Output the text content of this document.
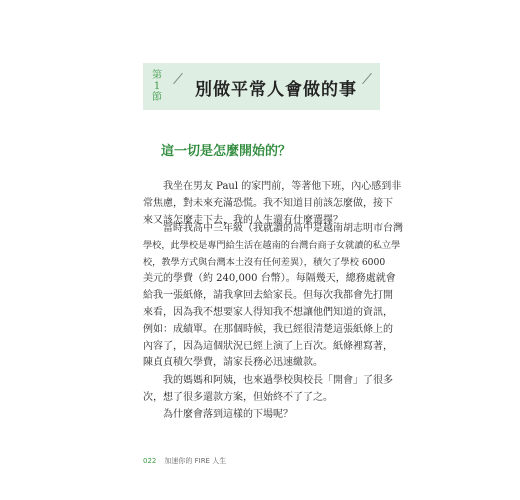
第
1
節 別做平常人會做的事
這一切是怎麼開始的？
　　我坐在男友 Paul 的家門前，等著他下班，內心感到非
常焦慮，對未來充滿恐慌。我不知道目前該怎麼做，接下
來又該怎麼走下去，我的人生還有什麼選擇？
　　當時我高中三年級（我就讀的高中是越南胡志明市台灣
學校，此學校是專門給生活在越南的台灣台商子女就讀的私立學
校，教學方式與台灣本土沒有任何差異），積欠了學校 6000
美元的學費（約 240,000 台幣）。每隔幾天，總務處就會
給我一張紙條，請我拿回去給家長。但每次我都會先打開
來看，因為我不想要家人得知我不想讓他們知道的資訊，
例如：成績單。在那個時候，我已經很清楚這張紙條上的
內容了，因為這個狀況已經上演了上百次。紙條裡寫著，
陳貞貞積欠學費，請家長務必迅速繳款。
　　我的媽媽和阿姨，也來過學校與校長「開會」了很多
次，想了很多還款方案，但始終不了了之。
　　為什麼會落到這樣的下場呢？
022 加速你的 FIRE 人生
